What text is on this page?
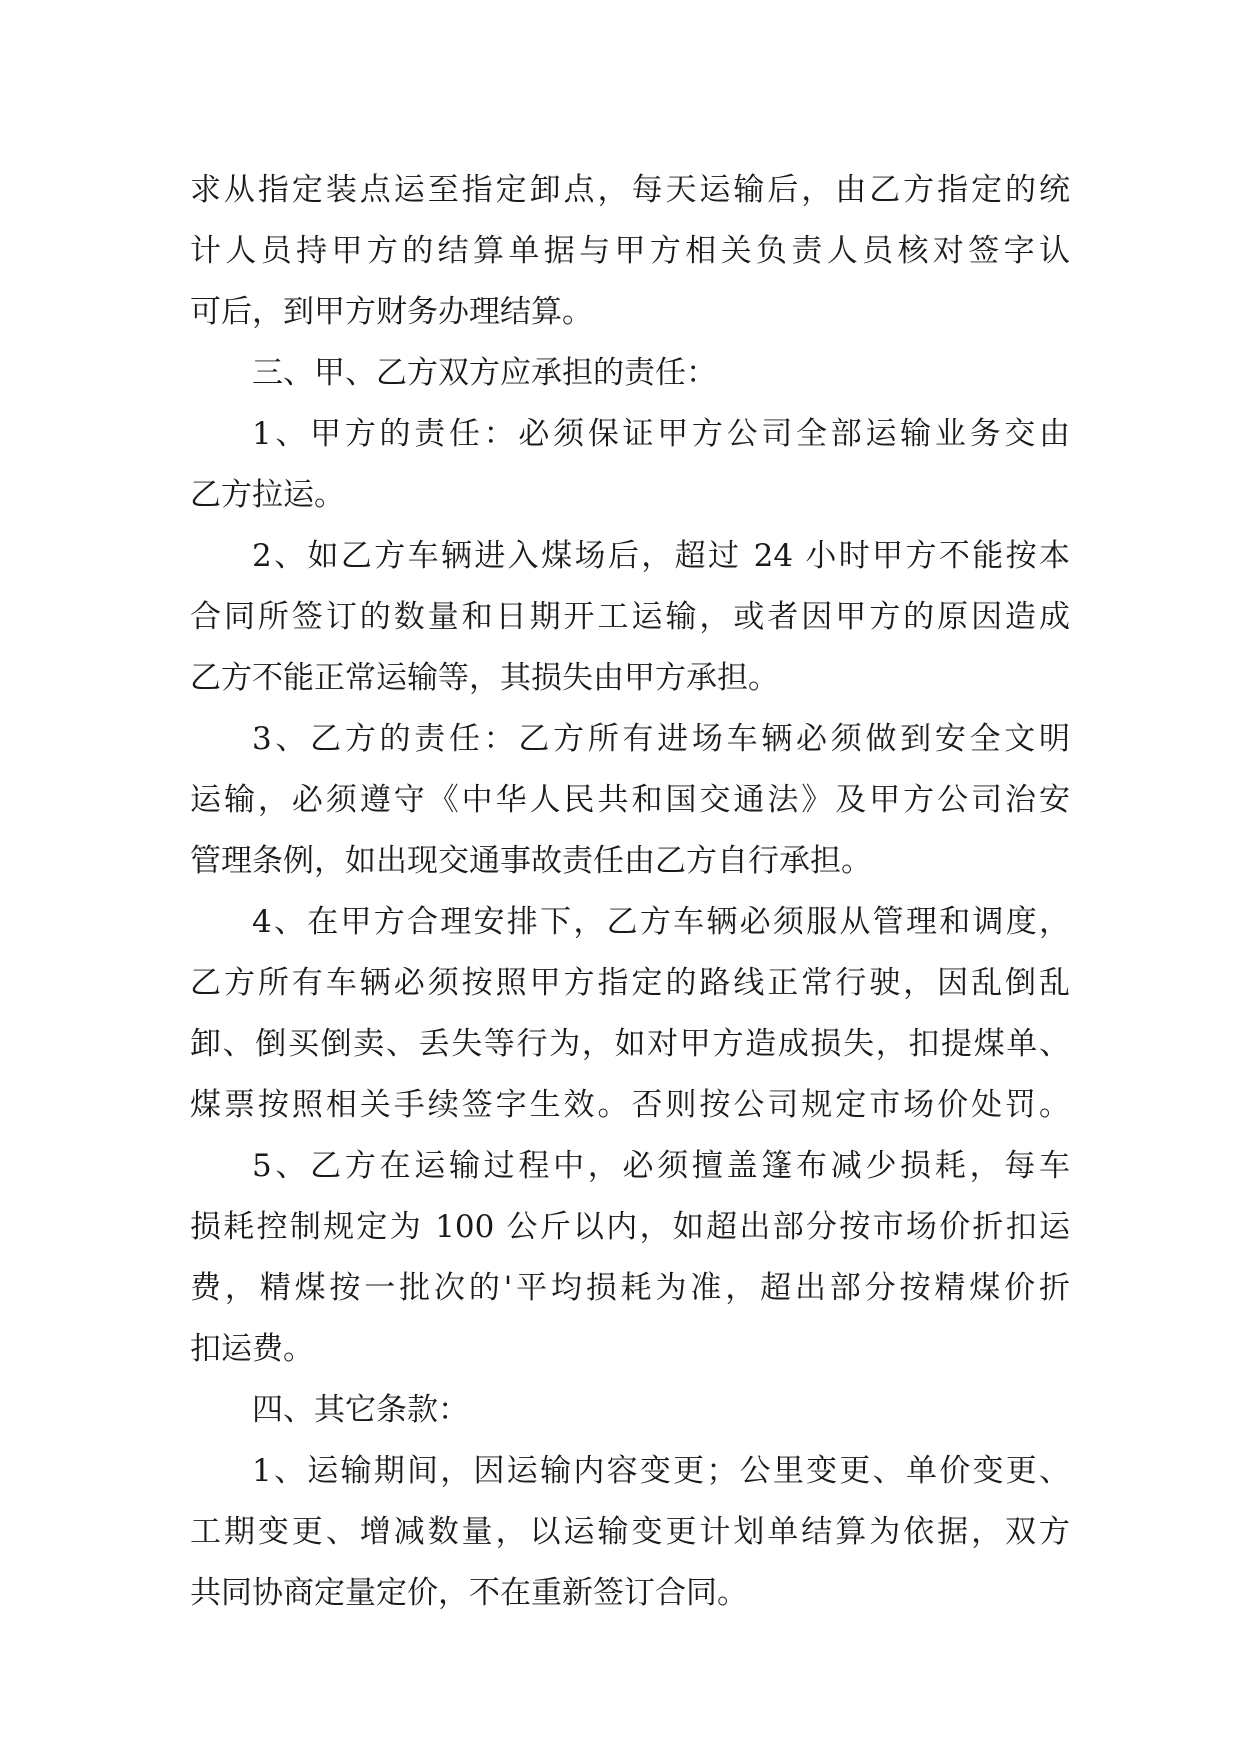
求从指定装点运至指定卸点，每天运输后，由乙方指定的统
计人员持甲方的结算单据与甲方相关负责人员核对签字认
可后，到甲方财务办理结算。
三、甲、乙方双方应承担的责任：
1、甲方的责任：必须保证甲方公司全部运输业务交由
乙方拉运。
2、如乙方车辆进入煤场后，超过 24 小时甲方不能按本
合同所签订的数量和日期开工运输，或者因甲方的原因造成
乙方不能正常运输等，其损失由甲方承担。
3、乙方的责任：乙方所有进场车辆必须做到安全文明
运输，必须遵守《中华人民共和国交通法》及甲方公司治安
管理条例，如出现交通事故责任由乙方自行承担。
4、在甲方合理安排下，乙方车辆必须服从管理和调度，
乙方所有车辆必须按照甲方指定的路线正常行驶，因乱倒乱
卸、倒买倒卖、丢失等行为，如对甲方造成损失，扣提煤单、
煤票按照相关手续签字生效。否则按公司规定市场价处罚。
5、乙方在运输过程中，必须擅盖篷布减少损耗，每车
损耗控制规定为 100 公斤以内，如超出部分按市场价折扣运
费，精煤按一批次的'平均损耗为准，超出部分按精煤价折
扣运费。
四、其它条款：
1、运输期间，因运输内容变更；公里变更、单价变更、
工期变更、增减数量，以运输变更计划单结算为依据，双方
共同协商定量定价，不在重新签订合同。
